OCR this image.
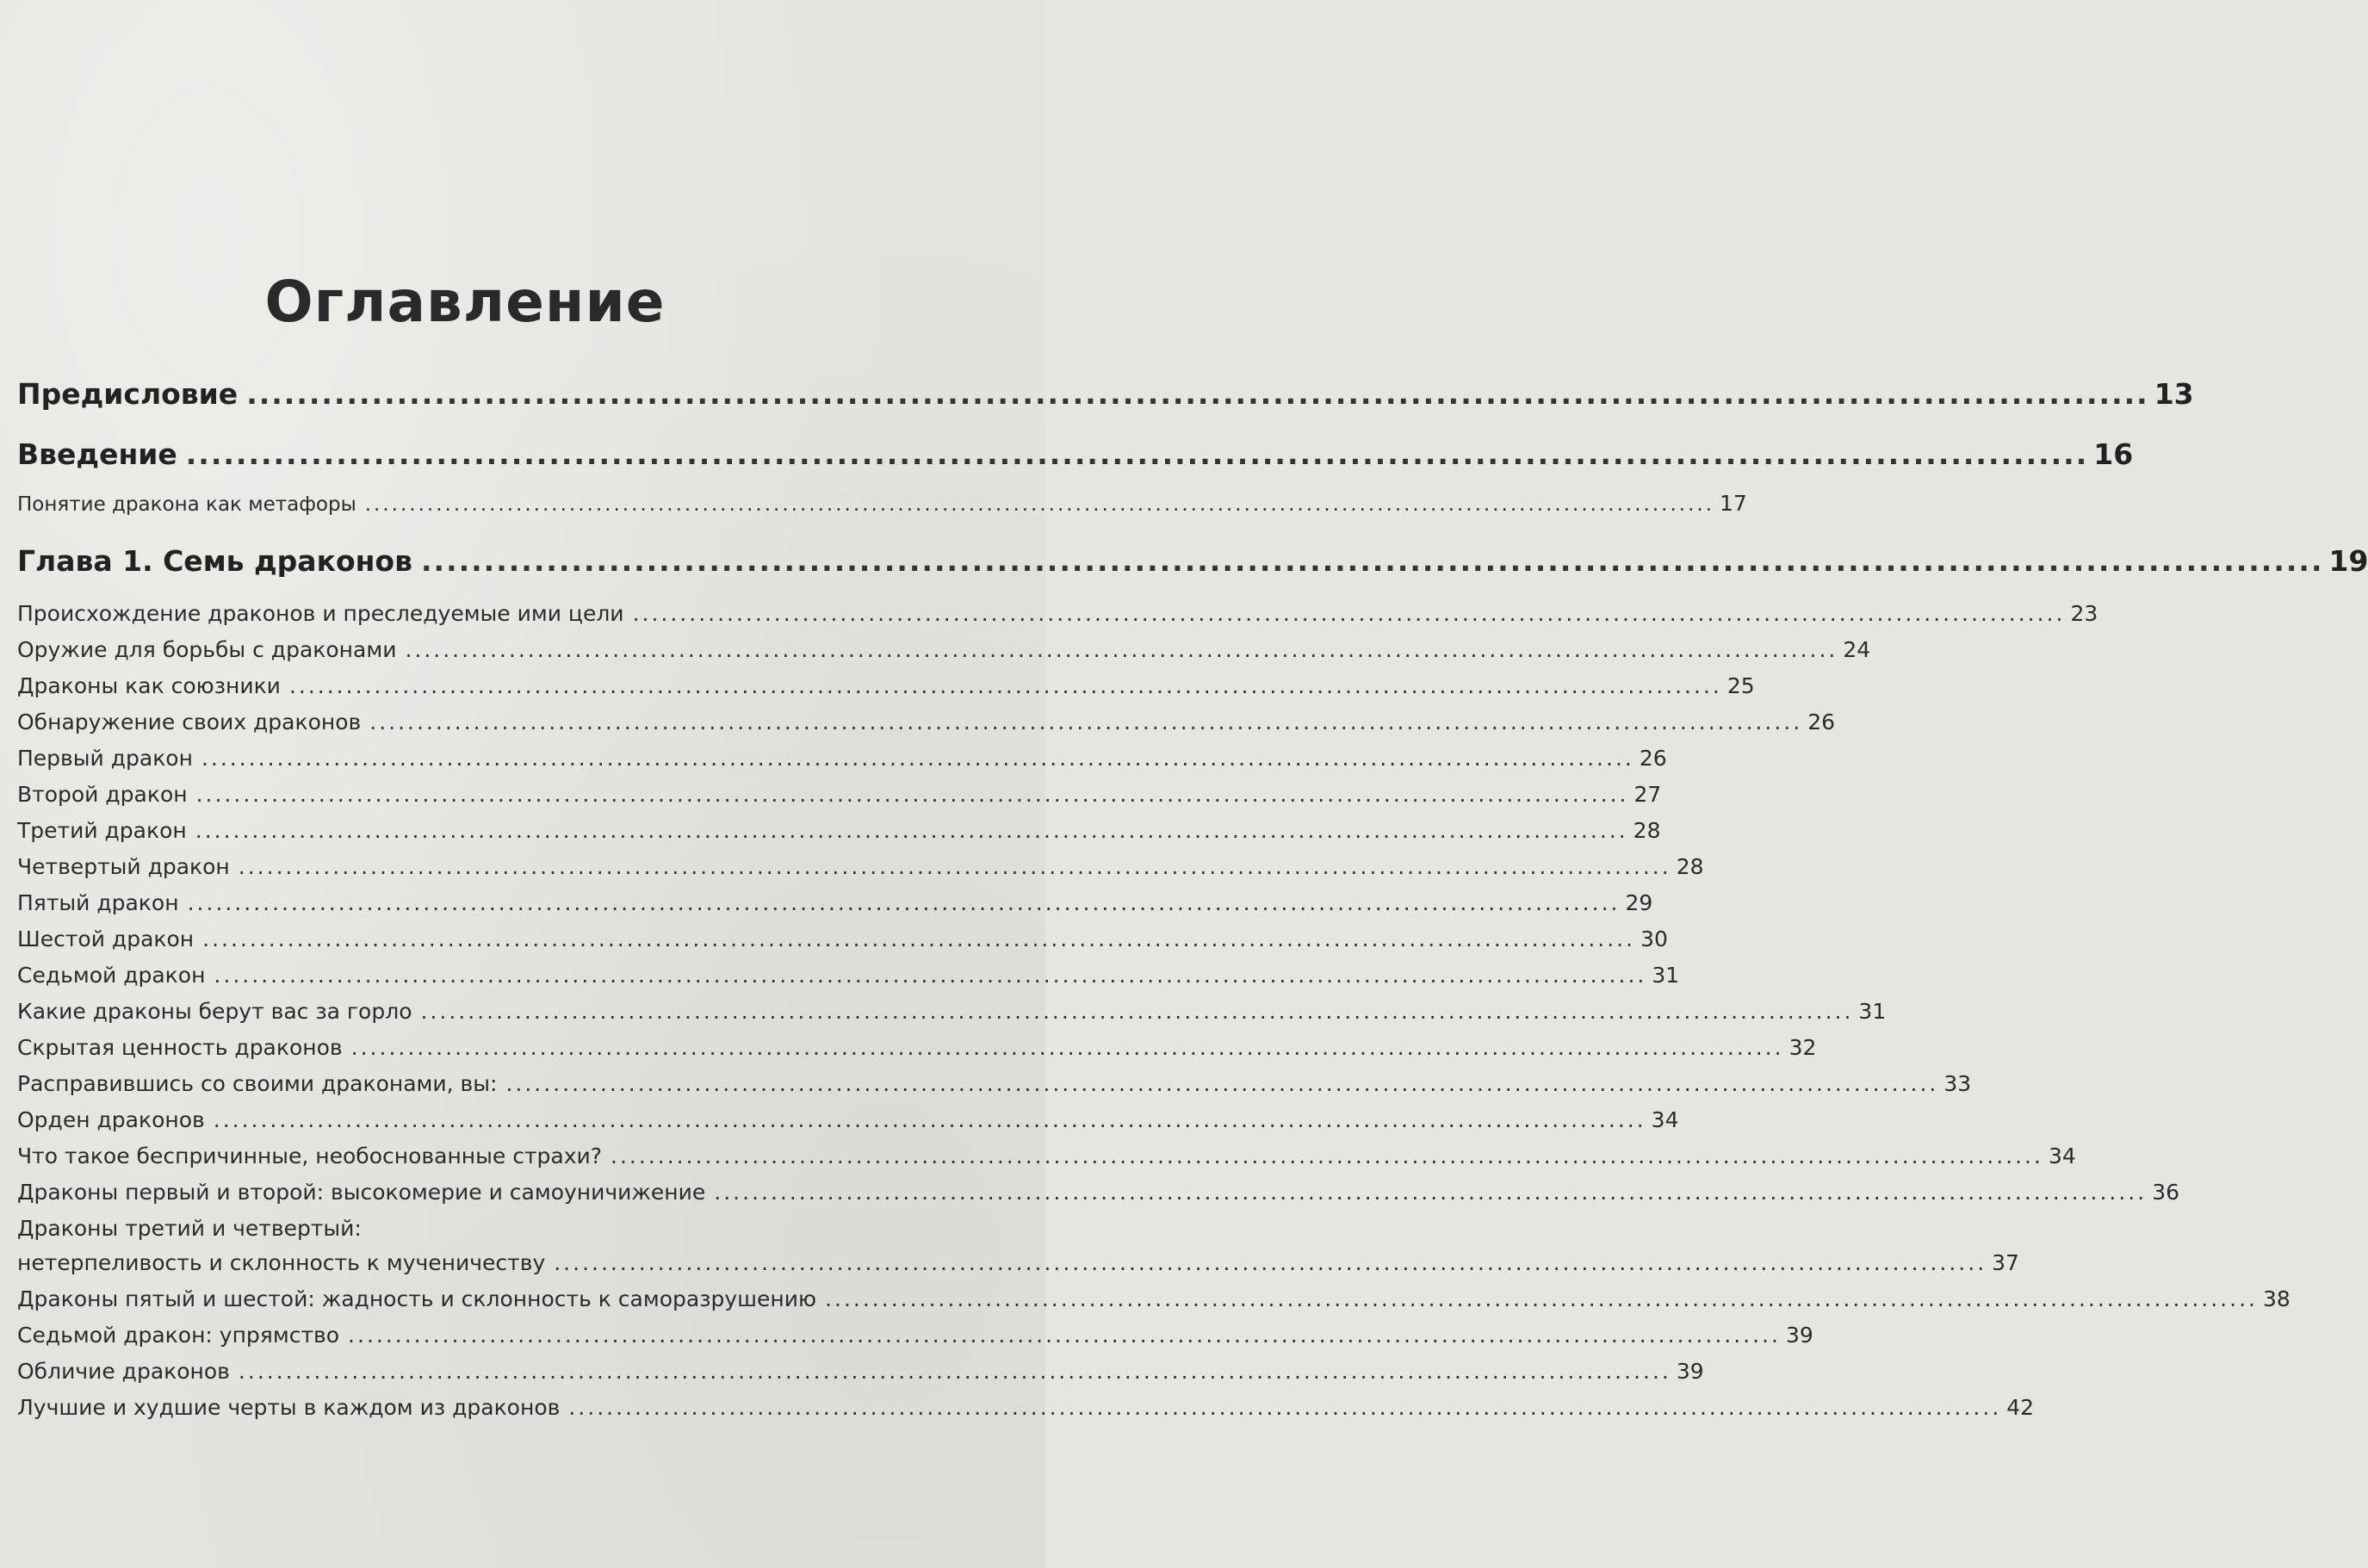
Оглавление
Предисловие ........................................................................................................................................................ 13
Введение ........................................................................................................................................................ 16
Понятие дракона как метафоры ........................................................................................................................................................ 17
Глава 1. Семь драконов ........................................................................................................................................................ 19
Происхождение драконов и преследуемые ими цели ........................................................................................................................................................ 23
Оружие для борьбы с драконами ........................................................................................................................................................ 24
Драконы как союзники ........................................................................................................................................................ 25
Обнаружение своих драконов ........................................................................................................................................................ 26
Первый дракон ........................................................................................................................................................ 26
Второй дракон ........................................................................................................................................................ 27
Третий дракон ........................................................................................................................................................ 28
Четвертый дракон ........................................................................................................................................................ 28
Пятый дракон ........................................................................................................................................................ 29
Шестой дракон ........................................................................................................................................................ 30
Седьмой дракон ........................................................................................................................................................ 31
Какие драконы берут вас за горло ........................................................................................................................................................ 31
Скрытая ценность драконов ........................................................................................................................................................ 32
Расправившись со своими драконами, вы: ........................................................................................................................................................ 33
Орден драконов ........................................................................................................................................................ 34
Что такое беспричинные, необоснованные страхи? ........................................................................................................................................................ 34
Драконы первый и второй: высокомерие и самоуничижение ........................................................................................................................................................ 36
Драконы третий и четвертый:
нетерпеливость и склонность к мученичеству ........................................................................................................................................................ 37
Драконы пятый и шестой: жадность и склонность к саморазрушению ........................................................................................................................................................ 38
Седьмой дракон: упрямство ........................................................................................................................................................ 39
Обличие драконов ........................................................................................................................................................ 39
Лучшие и худшие черты в каждом из драконов ........................................................................................................................................................ 42
